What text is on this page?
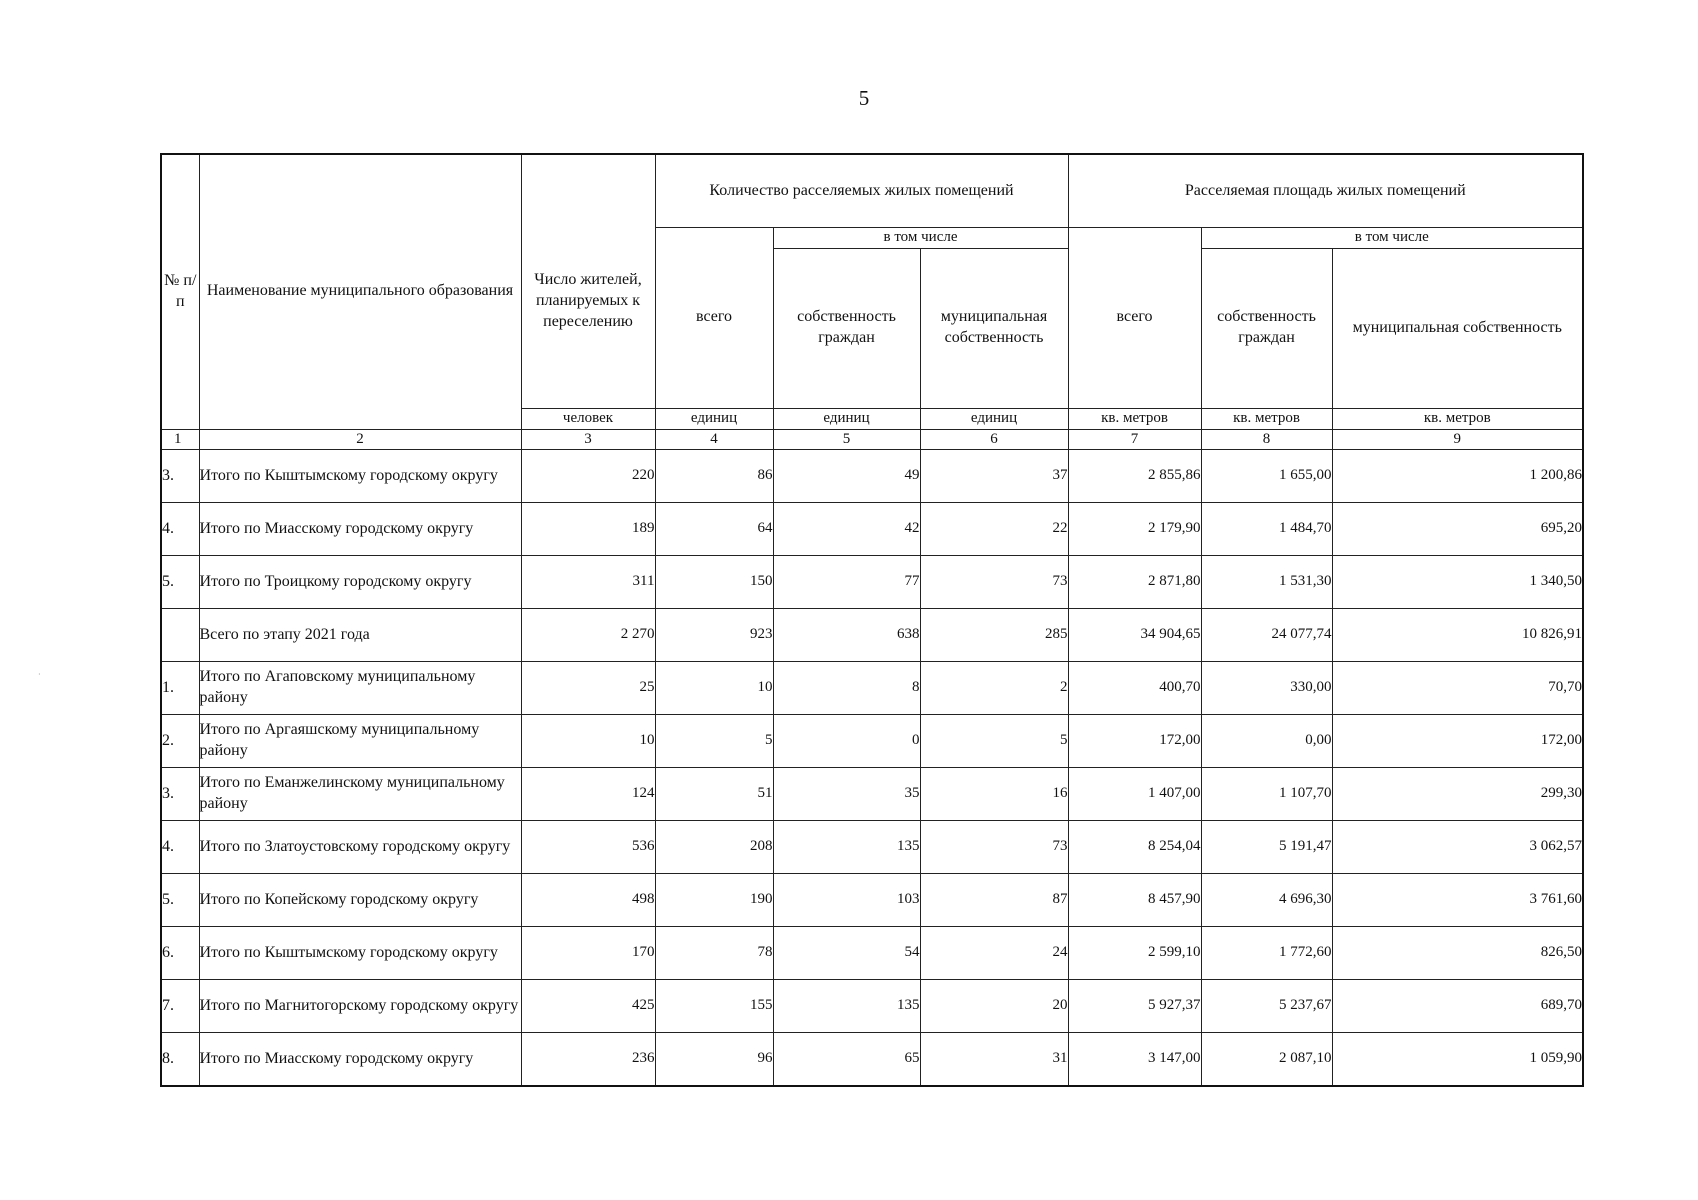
5
№ п/п	Наименование муниципального образования	Число жителей, планируемых к переселению	Количество расселяемых жилых помещений			Расселяемая площадь жилых помещений		
			всего	в том числе		всего	в том числе	
				собственность граждан	муниципальная собственность		собственность граждан	муниципальная собственность
		человек	единиц	единиц	единиц	кв. метров	кв. метров	кв. метров
1	2	3	4	5	6	7	8	9
3.	Итого по Кыштымскому городскому округу	220	86	49	37	2 855,86	1 655,00	1 200,86
4.	Итого по Миасскому городскому округу	189	64	42	22	2 179,90	1 484,70	695,20
5.	Итого по Троицкому городскому округу	311	150	77	73	2 871,80	1 531,30	1 340,50
	Всего по этапу 2021 года	2 270	923	638	285	34 904,65	24 077,74	10 826,91
1.	Итого по Агаповскому муниципальному району	25	10	8	2	400,70	330,00	70,70
2.	Итого по Аргаяшскому муниципальному району	10	5	0	5	172,00	0,00	172,00
3.	Итого по Еманжелинскому муниципальному району	124	51	35	16	1 407,00	1 107,70	299,30
4.	Итого по Златоустовскому городскому округу	536	208	135	73	8 254,04	5 191,47	3 062,57
5.	Итого по Копейскому городскому округу	498	190	103	87	8 457,90	4 696,30	3 761,60
6.	Итого по Кыштымскому городскому округу	170	78	54	24	2 599,10	1 772,60	826,50
7.	Итого по Магнитогорскому городскому округу	425	155	135	20	5 927,37	5 237,67	689,70
8.	Итого по Миасскому городскому округу	236	96	65	31	3 147,00	2 087,10	1 059,90
·
